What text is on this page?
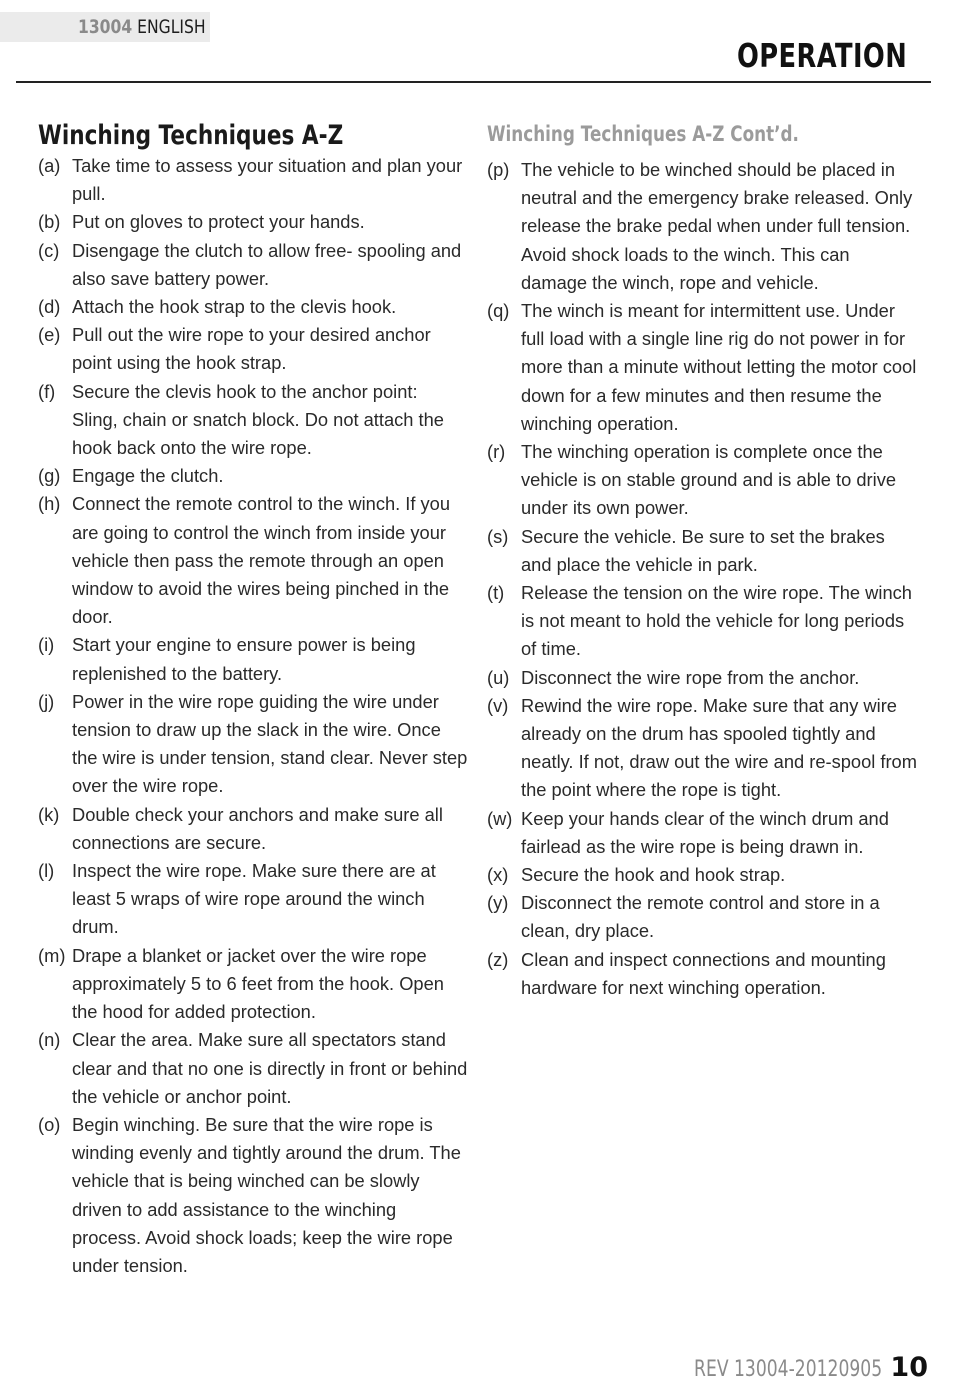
13004 ENGLISH
OPERATION
Winching Techniques A-Z
(a) Take time to assess your situation and plan your pull.
(b) Put on gloves to protect your hands.
(c) Disengage the clutch to allow free- spooling and also save battery power.
(d) Attach the hook strap to the clevis hook.
(e) Pull out the wire rope to your desired anchor point using the hook strap.
(f) Secure the clevis hook to the anchor point: Sling, chain or snatch block. Do not attach the hook back onto the wire rope.
(g) Engage the clutch.
(h) Connect the remote control to the winch. If you are going to control the winch from inside your vehicle then pass the remote through an open window to avoid the wires being pinched in the door.
(i) Start your engine to ensure power is being replenished to the battery.
(j) Power in the wire rope guiding the wire under tension to draw up the slack in the wire. Once the wire is under tension, stand clear. Never step over the wire rope.
(k) Double check your anchors and make sure all connections are secure.
(l) Inspect the wire rope. Make sure there are at least 5 wraps of wire rope around the winch drum.
(m) Drape a blanket or jacket over the wire rope approximately 5 to 6 feet from the hook. Open the hood for added protection.
(n) Clear the area. Make sure all spectators stand clear and that no one is directly in front or behind the vehicle or anchor point.
(o) Begin winching. Be sure that the wire rope is winding evenly and tightly around the drum. The vehicle that is being winched can be slowly driven to add assistance to the winching process. Avoid shock loads; keep the wire rope under tension.
Winching Techniques A-Z Cont’d.
(p) The vehicle to be winched should be placed in neutral and the emergency brake released. Only release the brake pedal when under full tension. Avoid shock loads to the winch. This can damage the winch, rope and vehicle.
(q) The winch is meant for intermittent use. Under full load with a single line rig do not power in for more than a minute without letting the motor cool down for a few minutes and then resume the winching operation.
(r) The winching operation is complete once the vehicle is on stable ground and is able to drive under its own power.
(s) Secure the vehicle. Be sure to set the brakes and place the vehicle in park.
(t) Release the tension on the wire rope. The winch is not meant to hold the vehicle for long periods of time.
(u) Disconnect the wire rope from the anchor.
(v) Rewind the wire rope. Make sure that any wire already on the drum has spooled tightly and neatly. If not, draw out the wire and re-spool from the point where the rope is tight.
(w) Keep your hands clear of the winch drum and fairlead as the wire rope is being drawn in.
(x) Secure the hook and hook strap.
(y) Disconnect the remote control and store in a clean, dry place.
(z) Clean and inspect connections and mounting hardware for next winching operation.
REV 13004-20120905 10
